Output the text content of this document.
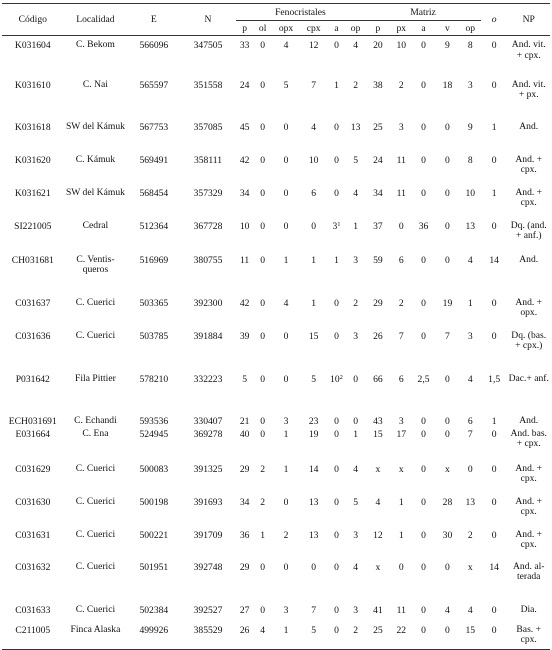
Código	Localidad	E	N	Fenocristales						Matriz					o	NP
				p	ol	opx	cpx	a	op	p	px	a	v	op		
K031604	C. Bekom	566096	347505	33	0	4	12	0	4	20	10	0	9	8	0	And. vit. + cpx.
K031610	C. Nai	565597	351558	24	0	5	7	1	2	38	2	0	18	3	0	And. vit. + px.
K031618	SW del Kámuk	567753	357085	45	0	0	4	0	13	25	3	0	0	9	1	And.
K031620	C. Kámuk	569491	358111	42	0	0	10	0	5	24	11	0	0	8	0	And. + cpx.
K031621	SW del Kámuk	568454	357329	34	0	0	6	0	4	34	11	0	0	10	1	And. + cpx.
SI221005	Cedral	512364	367728	10	0	0	0	$3^1$	1	37	0	36	0	13	0	Dq. (and. + anf.)
CH031681	C. Ventis-queros	516969	380755	11	0	1	1	1	3	59	6	0	0	4	14	And.
C031637	C. Cuerici	503365	392300	42	0	4	1	0	2	29	2	0	19	1	0	And. + opx.
C031636	C. Cuerici	503785	391884	39	0	0	15	0	3	26	7	0	7	3	0	Dq. (bas. + cpx.)
P031642	Fila Pittier	578210	332223	5	0	0	5	$10^2$	0	66	6	2,5	0	4	1,5	Dac.+ anf.
ECH031691	C. Echandi	593536	330407	21	0	3	23	0	0	43	3	0	0	6	1	And.
E031664	C. Ena	524945	369278	40	0	1	19	0	1	15	17	0	0	7	0	And. bas. + cpx.
C031629	C. Cuerici	500083	391325	29	2	1	14	0	4	x	x	0	x	0	0	And. + cpx.
C031630	C. Cuerici	500198	391693	34	2	0	13	0	5	4	1	0	28	13	0	And. + cpx.
C031631	C. Cuerici	500221	391709	36	1	2	13	0	3	12	1	0	30	2	0	And. + cpx.
C031632	C. Cuerici	501951	392748	29	0	0	0	0	4	x	0	0	0	x	14	And. al-terada
C031633	C. Cuerici	502384	392527	27	0	3	7	0	3	41	11	0	4	4	0	Dia.
C211005	Finca Alaska	499926	385529	26	4	1	5	0	2	25	22	0	0	15	0	Bas. + cpx.
